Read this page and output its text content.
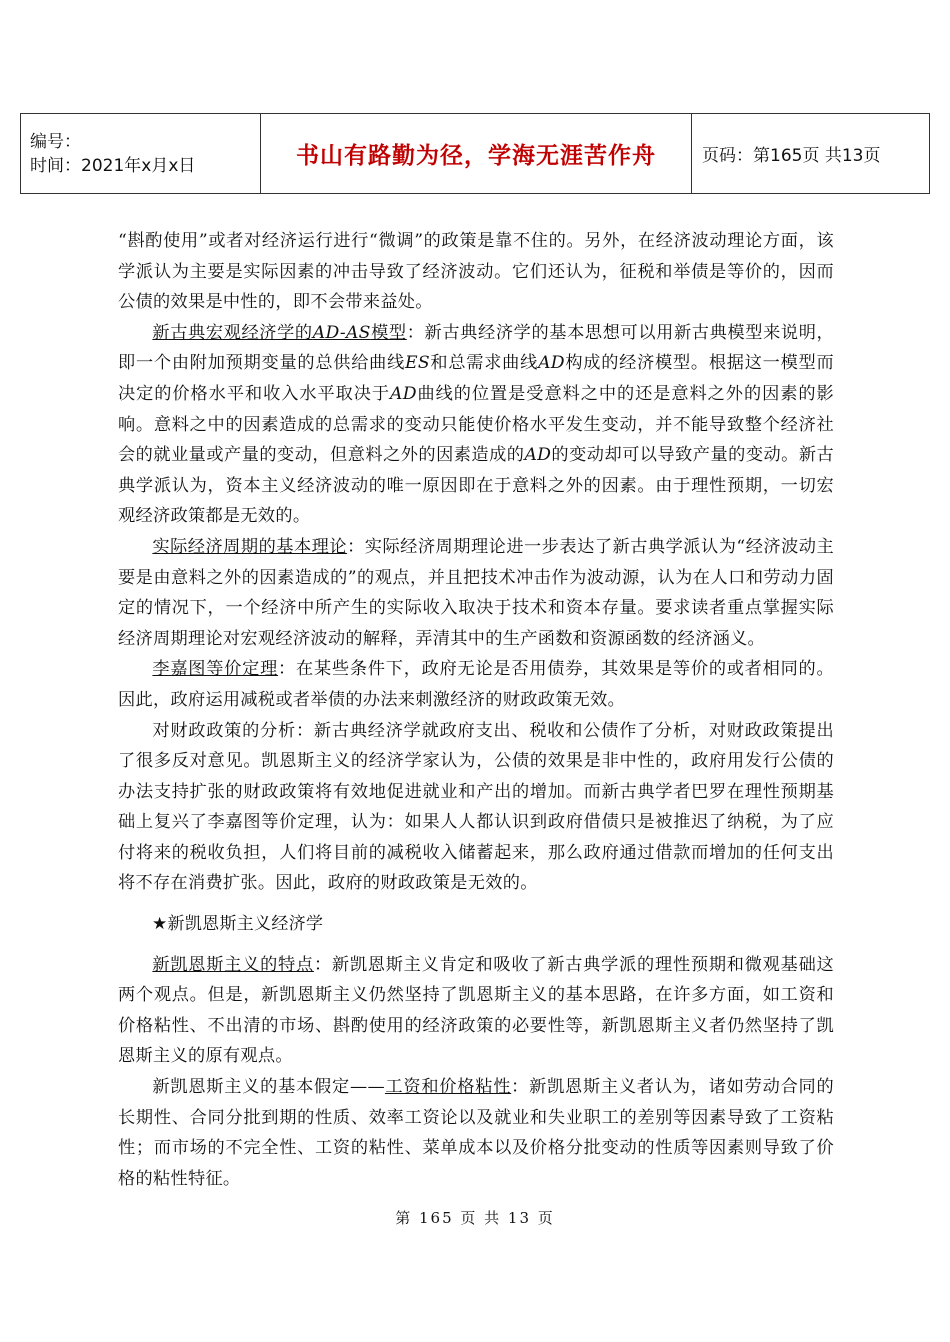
编号：
时间：2021年x月x日	书山有路勤为径，学海无涯苦作舟	页码：第165页 共13页

“斟酌使用”或者对经济运行进行“微调”的政策是靠不住的。另外，在经济波动理论方面，该学派认为主要是实际因素的冲击导致了经济波动。它们还认为，征税和举债是等价的，因而公债的效果是中性的，即不会带来益处。

新古典宏观经济学的AD-AS模型：新古典经济学的基本思想可以用新古典模型来说明，即一个由附加预期变量的总供给曲线ES和总需求曲线AD构成的经济模型。根据这一模型而决定的价格水平和收入水平取决于AD曲线的位置是受意料之中的还是意料之外的因素的影响。意料之中的因素造成的总需求的变动只能使价格水平发生变动，并不能导致整个经济社会的就业量或产量的变动，但意料之外的因素造成的AD的变动却可以导致产量的变动。新古典学派认为，资本主义经济波动的唯一原因即在于意料之外的因素。由于理性预期，一切宏观经济政策都是无效的。

实际经济周期的基本理论：实际经济周期理论进一步表达了新古典学派认为“经济波动主要是由意料之外的因素造成的”的观点，并且把技术冲击作为波动源，认为在人口和劳动力固定的情况下，一个经济中所产生的实际收入取决于技术和资本存量。要求读者重点掌握实际经济周期理论对宏观经济波动的解释，弄清其中的生产函数和资源函数的经济涵义。

李嘉图等价定理：在某些条件下，政府无论是否用债券，其效果是等价的或者相同的。因此，政府运用减税或者举债的办法来刺激经济的财政政策无效。

对财政政策的分析：新古典经济学就政府支出、税收和公债作了分析，对财政政策提出了很多反对意见。凯恩斯主义的经济学家认为，公债的效果是非中性的，政府用发行公债的办法支持扩张的财政政策将有效地促进就业和产出的增加。而新古典学者巴罗在理性预期基础上复兴了李嘉图等价定理，认为：如果人人都认识到政府借债只是被推迟了纳税，为了应付将来的税收负担，人们将目前的减税收入储蓄起来，那么政府通过借款而增加的任何支出将不存在消费扩张。因此，政府的财政政策是无效的。

★新凯恩斯主义经济学

新凯恩斯主义的特点：新凯恩斯主义肯定和吸收了新古典学派的理性预期和微观基础这两个观点。但是，新凯恩斯主义仍然坚持了凯恩斯主义的基本思路，在许多方面，如工资和价格粘性、不出清的市场、斟酌使用的经济政策的必要性等，新凯恩斯主义者仍然坚持了凯恩斯主义的原有观点。

新凯恩斯主义的基本假定——工资和价格粘性：新凯恩斯主义者认为，诸如劳动合同的长期性、合同分批到期的性质、效率工资论以及就业和失业职工的差别等因素导致了工资粘性；而市场的不完全性、工资的粘性、菜单成本以及价格分批变动的性质等因素则导致了价格的粘性特征。

第 165 页 共 13 页
